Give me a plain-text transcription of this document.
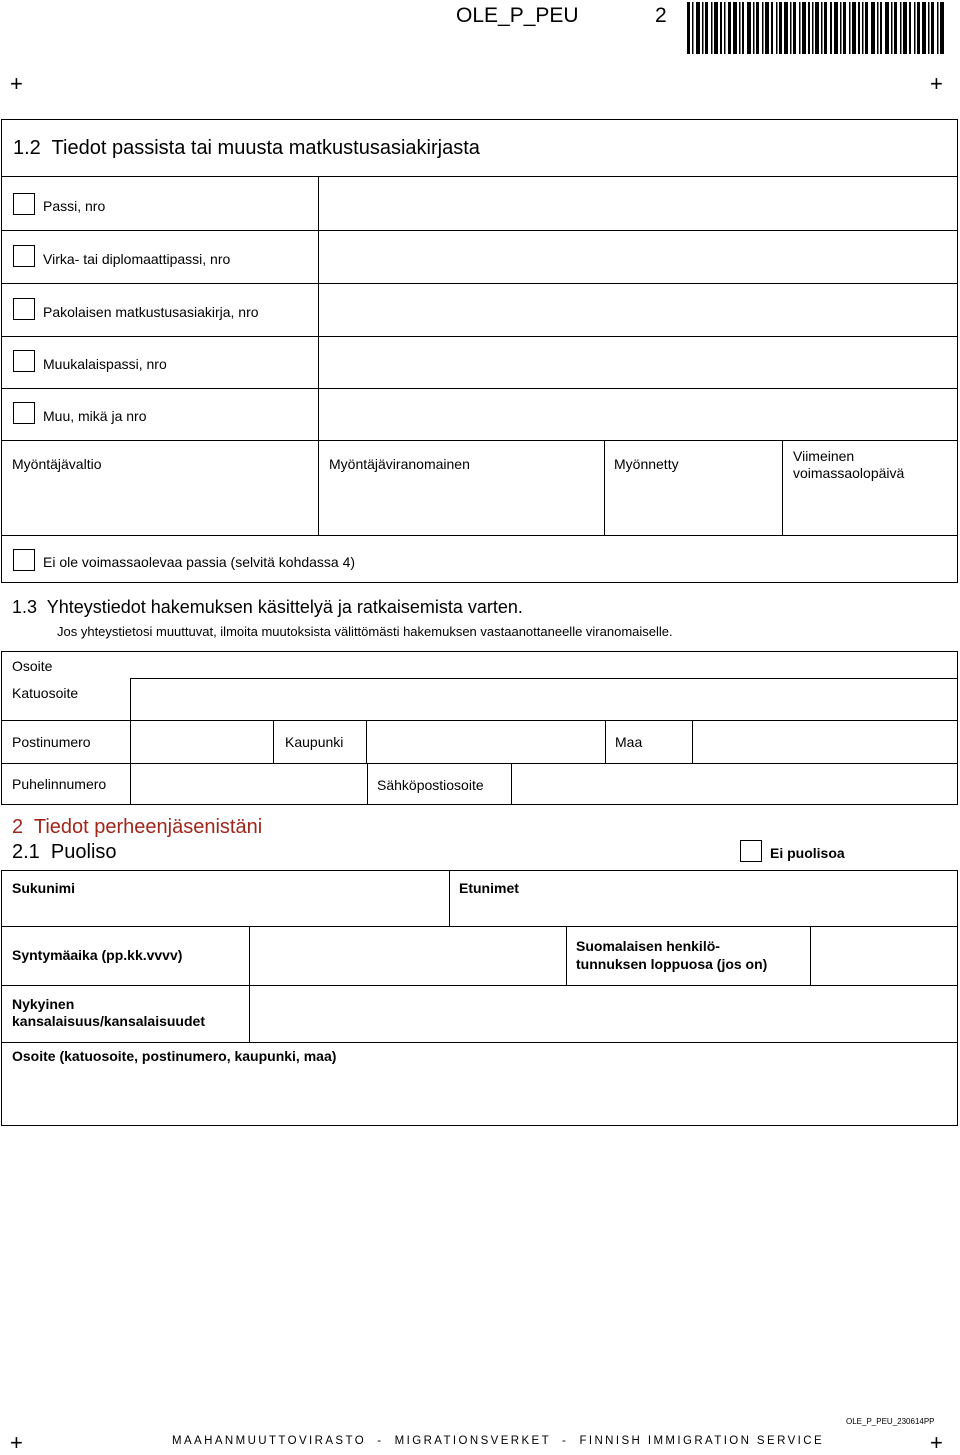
OLE_P_PEU	2
+	+
+	+
1.2  Tiedot passista tai muusta matkustusasiakirjasta
Passi, nro
Virka- tai diplomaattipassi, nro
Pakolaisen matkustusasiakirja, nro
Muukalaispassi, nro
Muu, mikä ja nro
Myöntäjävaltio	Myöntäjäviranomainen	Myönnetty	Viimeinen voimassaolopäivä
Ei ole voimassaolevaa passia (selvitä kohdassa 4)
1.3  Yhteystiedot hakemuksen käsittelyä ja ratkaisemista varten.
Jos yhteystietosi muuttuvat, ilmoita muutoksista välittömästi hakemuksen vastaanottaneelle viranomaiselle.
Osoite
Katuosoite
Postinumero	Kaupunki	Maa
Puhelinnumero	Sähköpostiosoite
2  Tiedot perheenjäsenistäni
2.1  Puoliso	Ei puolisoa
Sukunimi	Etunimet
Syntymäaika (pp.kk.vvvv)
Suomalaisen henkilö-
tunnuksen loppuosa (jos on)
Nykyinen
kansalaisuus/kansalaisuudet
Osoite (katuosoite, postinumero, kaupunki, maa)
OLE_P_PEU_230614PP
MAAHANMUUTTOVIRASTO  -  MIGRATIONSVERKET  -  FINNISH IMMIGRATION SERVICE
